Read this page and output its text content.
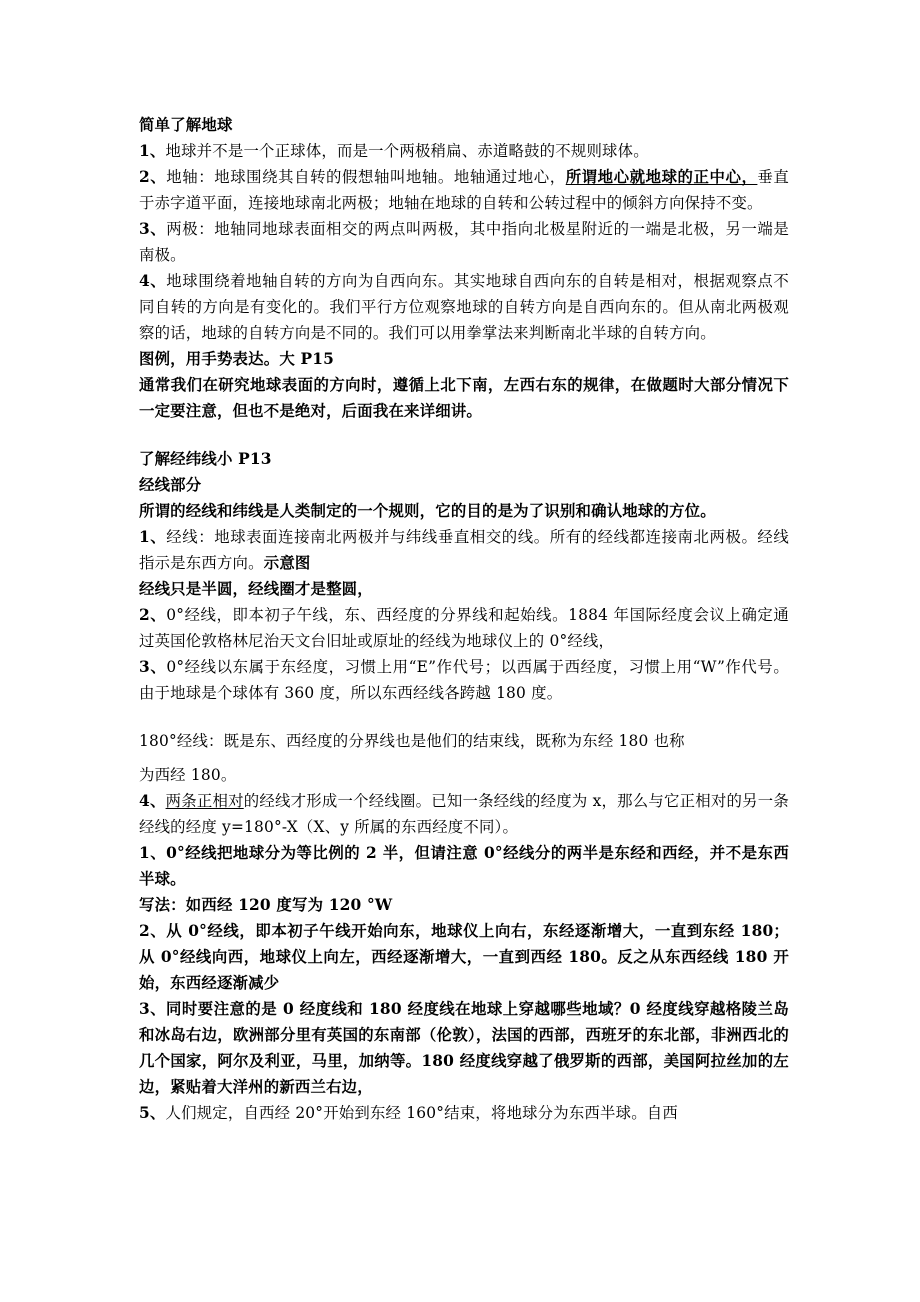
简单了解地球

1、地球并不是一个正球体，而是一个两极稍扁、赤道略鼓的不规则球体。

2、地轴：地球围绕其自转的假想轴叫地轴。地轴通过地心，所谓地心就地球的正中心，垂直于赤字道平面，连接地球南北两极；地轴在地球的自转和公转过程中的倾斜方向保持不变。

3、两极：地轴同地球表面相交的两点叫两极，其中指向北极星附近的一端是北极，另一端是南极。

4、地球围绕着地轴自转的方向为自西向东。其实地球自西向东的自转是相对，根据观察点不同自转的方向是有变化的。我们平行方位观察地球的自转方向是自西向东的。但从南北两极观察的话，地球的自转方向是不同的。我们可以用拳掌法来判断南北半球的自转方向。

图例，用手势表达。大 P15

通常我们在研究地球表面的方向时，遵循上北下南，左西右东的规律，在做题时大部分情况下一定要注意，但也不是绝对，后面我在来详细讲。

了解经纬线小 P13

经线部分

所谓的经线和纬线是人类制定的一个规则，它的目的是为了识别和确认地球的方位。

1、经线：地球表面连接南北两极并与纬线垂直相交的线。所有的经线都连接南北两极。经线指示是东西方向。示意图

经线只是半圆，经线圈才是整圆，

2、0°经线，即本初子午线，东、西经度的分界线和起始线。1884 年国际经度会议上确定通过英国伦敦格林尼治天文台旧址或原址的经线为地球仪上的 0°经线，

3、0°经线以东属于东经度，习惯上用“E”作代号；以西属于西经度，习惯上用“W”作代号。由于地球是个球体有 360 度，所以东西经线各跨越 180 度。

180°经线：既是东、西经度的分界线也是他们的结束线，既称为东经 180 也称

为西经 180。

4、两条正相对的经线才形成一个经线圈。已知一条经线的经度为 x，那么与它正相对的另一条经线的经度 y=180°-X（X、y 所属的东西经度不同）。

1、0°经线把地球分为等比例的 2 半，但请注意 0°经线分的两半是东经和西经，并不是东西半球。

写法：如西经 120 度写为 120 °W

2、从 0°经线，即本初子午线开始向东，地球仪上向右，东经逐渐增大，一直到东经 180；从 0°经线向西，地球仪上向左，西经逐渐增大，一直到西经 180。反之从东西经线 180 开始，东西经逐渐减少

3、同时要注意的是 0 经度线和 180 经度线在地球上穿越哪些地域？0 经度线穿越格陵兰岛和冰岛右边，欧洲部分里有英国的东南部（伦敦），法国的西部，西班牙的东北部，非洲西北的几个国家，阿尔及利亚，马里，加纳等。180 经度线穿越了俄罗斯的西部，美国阿拉丝加的左边，紧贴着大洋州的新西兰右边，

5、人们规定，自西经 20°开始到东经 160°结束，将地球分为东西半球。自西
